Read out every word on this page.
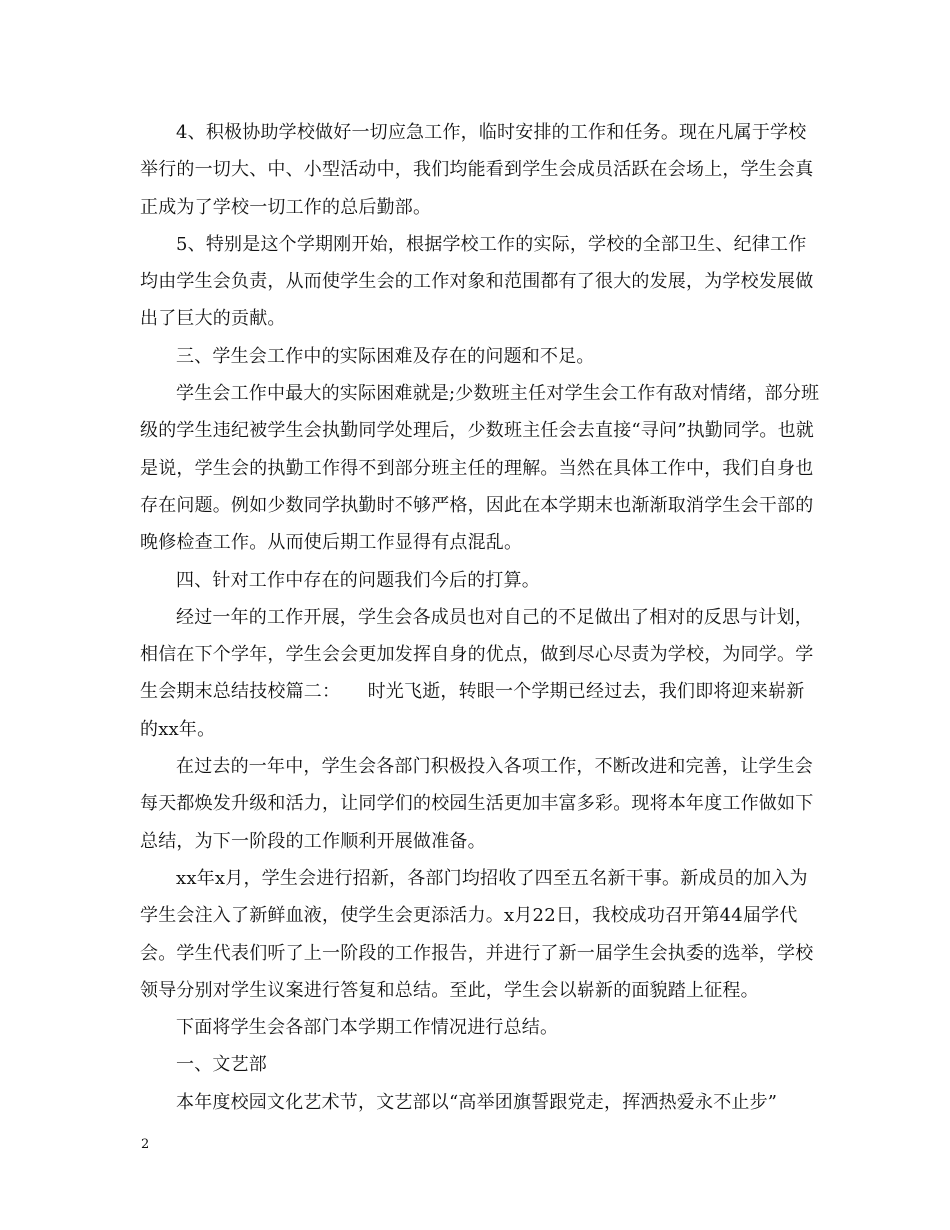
4、积极协助学校做好一切应急工作，临时安排的工作和任务。现在凡属于学校举行的一切大、中、小型活动中，我们均能看到学生会成员活跃在会场上，学生会真正成为了学校一切工作的总后勤部。

5、特别是这个学期刚开始，根据学校工作的实际，学校的全部卫生、纪律工作均由学生会负责，从而使学生会的工作对象和范围都有了很大的发展，为学校发展做出了巨大的贡献。

三、学生会工作中的实际困难及存在的问题和不足。

学生会工作中最大的实际困难就是;少数班主任对学生会工作有敌对情绪，部分班级的学生违纪被学生会执勤同学处理后，少数班主任会去直接“寻问”执勤同学。也就是说，学生会的执勤工作得不到部分班主任的理解。当然在具体工作中，我们自身也存在问题。例如少数同学执勤时不够严格，因此在本学期末也渐渐取消学生会干部的晚修检查工作。从而使后期工作显得有点混乱。

四、针对工作中存在的问题我们今后的打算。

经过一年的工作开展，学生会各成员也对自己的不足做出了相对的反思与计划，相信在下个学年，学生会会更加发挥自身的优点，做到尽心尽责为学校，为同学。学生会期末总结技校篇二：　　时光飞逝，转眼一个学期已经过去，我们即将迎来崭新的xx年。

在过去的一年中，学生会各部门积极投入各项工作，不断改进和完善，让学生会每天都焕发升级和活力，让同学们的校园生活更加丰富多彩。现将本年度工作做如下总结，为下一阶段的工作顺利开展做准备。

xx年x月，学生会进行招新，各部门均招收了四至五名新干事。新成员的加入为学生会注入了新鲜血液，使学生会更添活力。x月22日，我校成功召开第44届学代会。学生代表们听了上一阶段的工作报告，并进行了新一届学生会执委的选举，学校领导分别对学生议案进行答复和总结。至此，学生会以崭新的面貌踏上征程。

下面将学生会各部门本学期工作情况进行总结。

一、文艺部

本年度校园文化艺术节，文艺部以“高举团旗誓跟党走，挥洒热爱永不止步”

2
